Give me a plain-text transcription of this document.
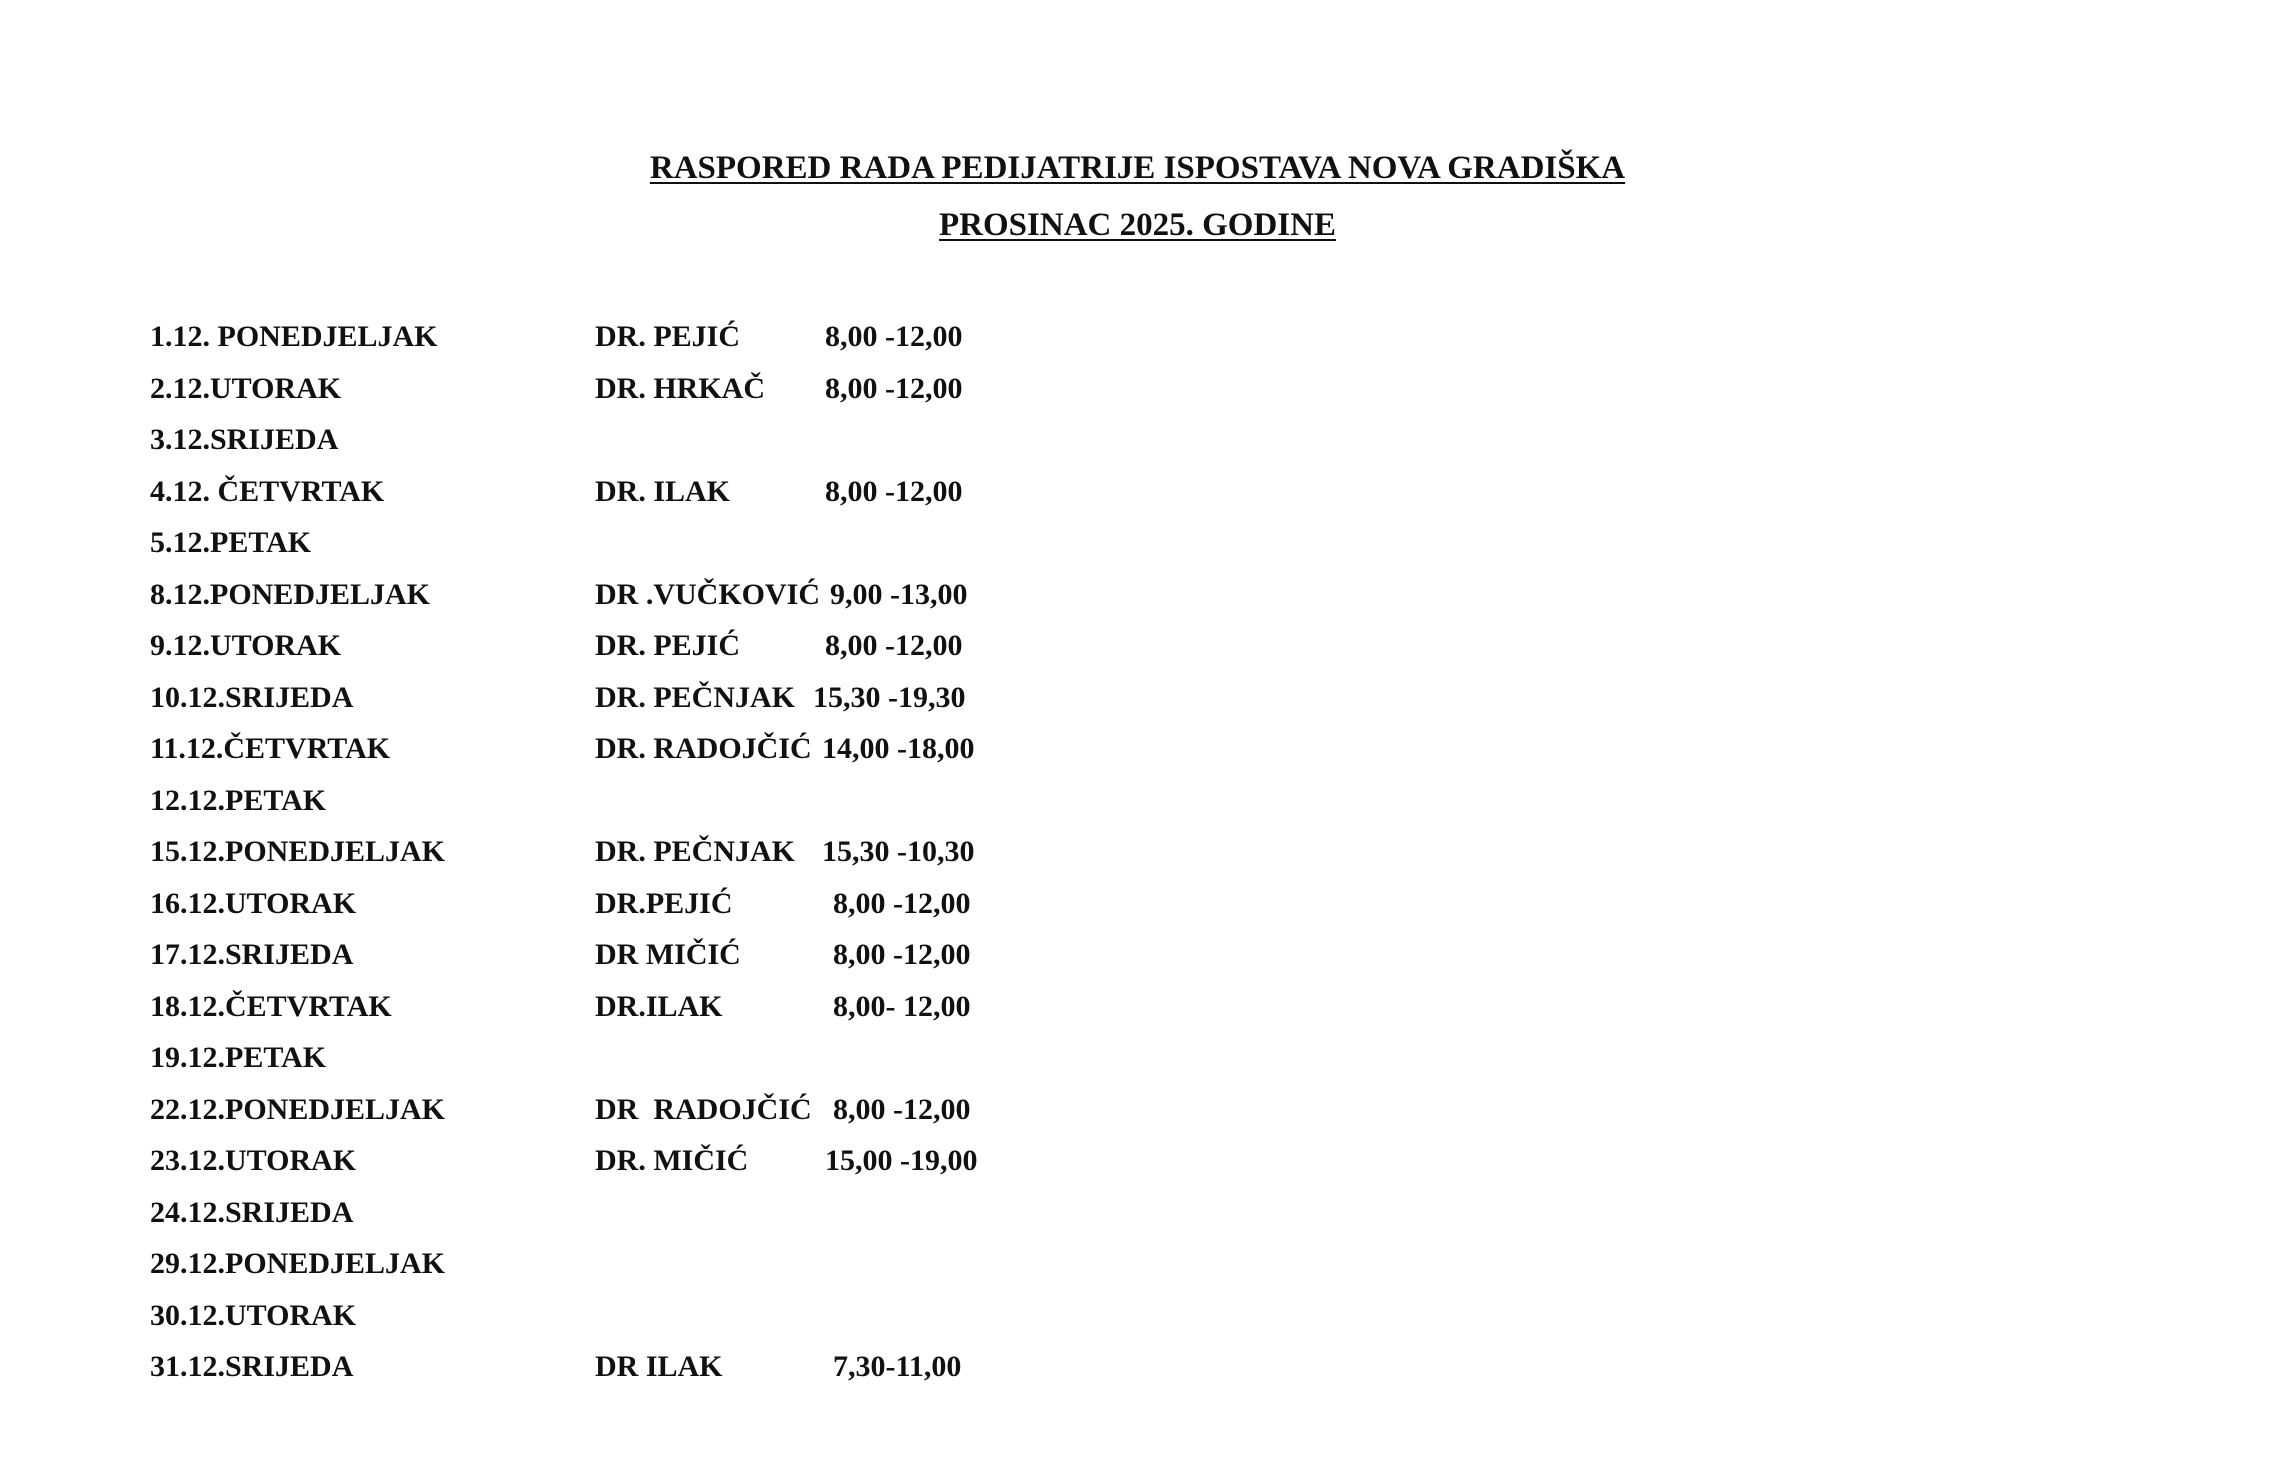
RASPORED RADA PEDIJATRIJE ISPOSTAVA NOVA GRADIŠKA
PROSINAC 2025. GODINE
1.12. PONEDJELJAK	DR. PEJIĆ	8,00 -12,00
2.12.UTORAK	DR. HRKAČ 8,00 -12,00
3.12.SRIJEDA
4.12. ČETVRTAK	DR. ILAK	8,00 -12,00
5.12.PETAK
8.12.PONEDJELJAK	DR .VUČKOVIĆ 9,00 -13,00
9.12.UTORAK	DR. PEJIĆ	8,00 -12,00
10.12.SRIJEDA	DR. PEČNJAK 15,30 -19,30
11.12.ČETVRTAK	DR. RADOJČIĆ 14,00 -18,00
12.12.PETAK
15.12.PONEDJELJAK	DR. PEČNJAK 15,30 -10,30
16.12.UTORAK	DR.PEJIĆ	8,00 -12,00
17.12.SRIJEDA	DR MIČIĆ	8,00 -12,00
18.12.ČETVRTAK	DR.ILAK	8,00- 12,00
19.12.PETAK
22.12.PONEDJELJAK	DR  RADOJČIĆ 8,00 -12,00
23.12.UTORAK	DR. MIČIĆ	15,00 -19,00
24.12.SRIJEDA
29.12.PONEDJELJAK
30.12.UTORAK
31.12.SRIJEDA	DR ILAK	7,30-11,00
